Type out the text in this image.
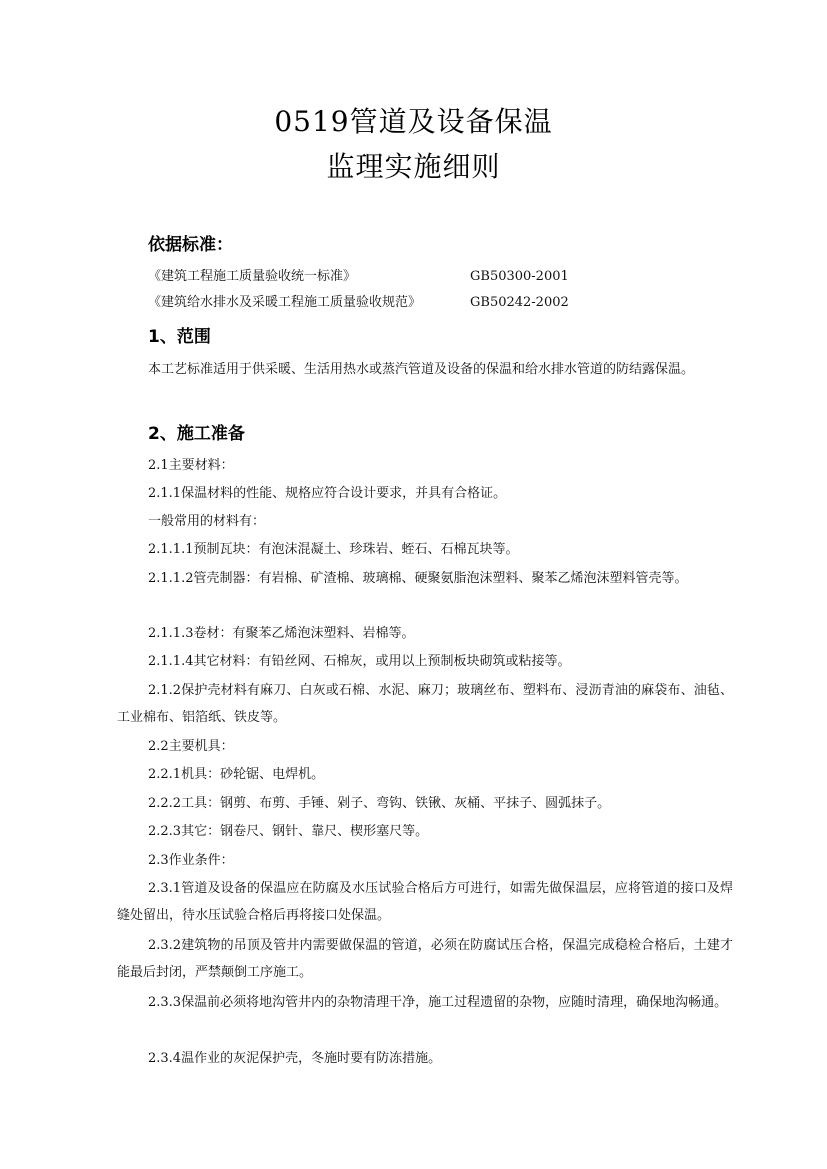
0519管道及设备保温
监理实施细则
依据标准：
《建筑工程施工质量验收统一标准》	GB50300-2001
《建筑给水排水及采暖工程施工质量验收规范》	GB50242-2002
1、范围
本工艺标准适用于供采暖、生活用热水或蒸汽管道及设备的保温和给水排水管道的防结露保温。
2、施工准备
2.1主要材料：
2.1.1保温材料的性能、规格应符合设计要求，并具有合格证。
一般常用的材料有：
2.1.1.1预制瓦块：有泡沫混凝土、珍珠岩、蛭石、石棉瓦块等。
2.1.1.2管壳制器：有岩棉、矿渣棉、玻璃棉、硬聚氨脂泡沫塑料、聚苯乙烯泡沫塑料管壳等。
2.1.1.3卷材：有聚苯乙烯泡沫塑料、岩棉等。
2.1.1.4其它材料：有铅丝网、石棉灰，或用以上预制板块砌筑或粘接等。
2.1.2保护壳材料有麻刀、白灰或石棉、水泥、麻刀；玻璃丝布、塑料布、浸沥青油的麻袋布、油毡、工业棉布、铝箔纸、铁皮等。
2.2主要机具：
2.2.1机具：砂轮锯、电焊机。
2.2.2工具：钢剪、布剪、手锤、剁子、弯钩、铁锹、灰桶、平抹子、圆弧抹子。
2.2.3其它：钢卷尺、钢针、靠尺、楔形塞尺等。
2.3作业条件：
2.3.1管道及设备的保温应在防腐及水压试验合格后方可进行，如需先做保温层，应将管道的接口及焊缝处留出，待水压试验合格后再将接口处保温。
2.3.2建筑物的吊顶及管井内需要做保温的管道，必须在防腐试压合格，保温完成稳检合格后，土建才能最后封闭，严禁颠倒工序施工。
2.3.3保温前必须将地沟管井内的杂物清理干净，施工过程遗留的杂物，应随时清理，确保地沟畅通。
2.3.4温作业的灰泥保护壳，冬施时要有防冻措施。
